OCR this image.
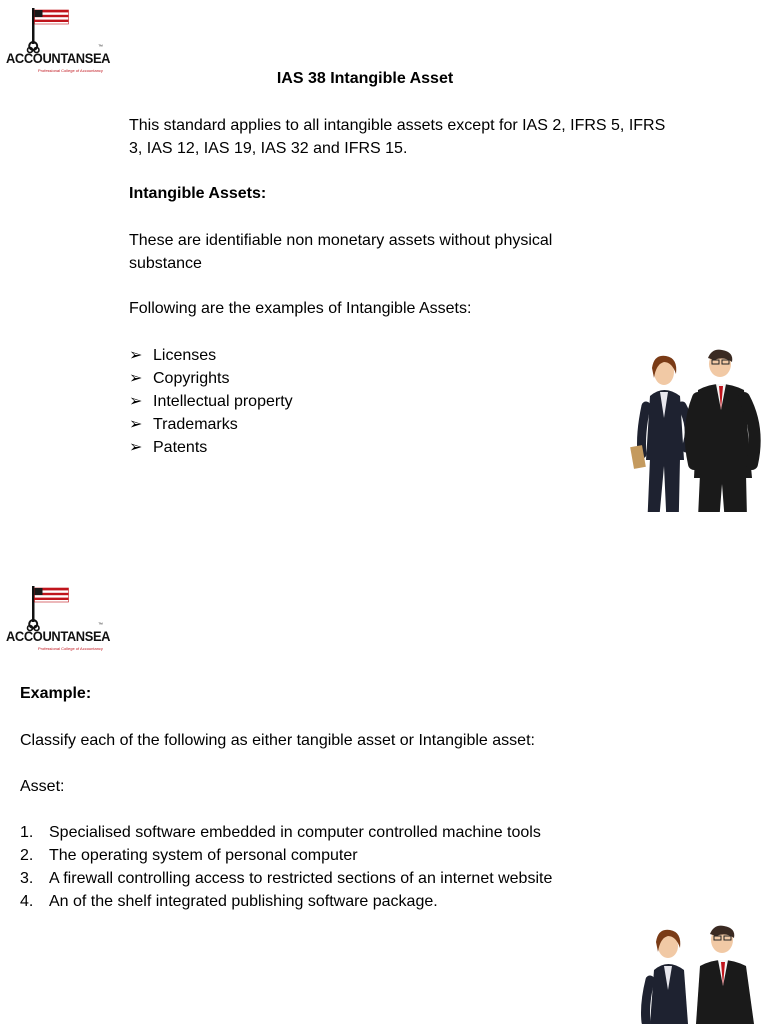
ACCOUNTANSEA
™
Professional College of Accountancy	IAS 38 Intangible Asset
This standard applies to all intangible assets except for IAS 2, IFRS 5, IFRS 3, IAS 12, IAS 19, IAS 32 and IFRS 15.
Intangible Assets:
These are identifiable non monetary assets without physical substance
Following are the examples of Intangible Assets:
➢ Licenses
➢ Copyrights
➢ Intellectual property
➢ Trademarks
➢ Patents
ACCOUNTANSEA
™
Professional College of Accountancy
Example:
Classify each of the following as either tangible asset or Intangible asset:
Asset:
1. Specialised software embedded in computer controlled machine tools
2. The operating system of personal computer
3. A firewall controlling access to restricted sections of an internet website
4. An of the shelf integrated publishing software package.
